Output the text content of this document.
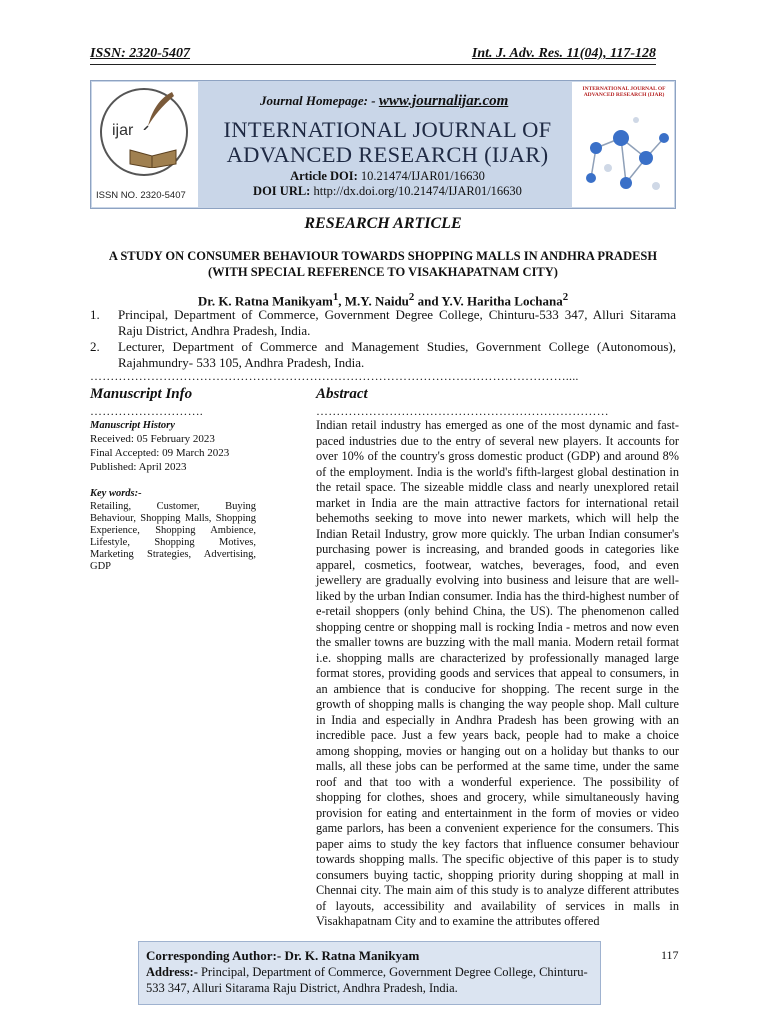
ISSN: 2320-5407	Int. J. Adv. Res. 11(04), 117-128
ijar
ISSN NO. 2320-5407
Journal Homepage: - www.journalijar.com
INTERNATIONAL JOURNAL OF
ADVANCED RESEARCH (IJAR)
Article DOI: 10.21474/IJAR01/16630
DOI URL: http://dx.doi.org/10.21474/IJAR01/16630
INTERNATIONAL JOURNAL OF ADVANCED RESEARCH (IJAR)
RESEARCH ARTICLE
A STUDY ON CONSUMER BEHAVIOUR TOWARDS SHOPPING MALLS IN ANDHRA PRADESH
(WITH SPECIAL REFERENCE TO VISAKHAPATNAM CITY)
Dr. K. Ratna Manikyam$^1$, M.Y. Naidu$^2$ and Y.V. Haritha Lochana$^2$
1. Principal, Department of Commerce, Government Degree College, Chinturu-533 347, Alluri Sitarama Raju District, Andhra Pradesh, India.
2. Lecturer, Department of Commerce and Management Studies, Government College (Autonomous), Rajahmundry- 533 105, Andhra Pradesh, India.
………………………………………………………………………………………………………....
Manuscript Info
……………………….
Manuscript History
Received: 05 February 2023
Final Accepted: 09 March 2023
Published: April 2023
Key words:-
Retailing, Customer, Buying Behaviour, Shopping Malls, Shopping Experience, Shopping Ambience, Lifestyle, Shopping Motives, Marketing Strategies, Advertising, GDP
Abstract
………………………………………………………………
Indian retail industry has emerged as one of the most dynamic and fast-paced industries due to the entry of several new players. It accounts for over 10% of the country's gross domestic product (GDP) and around 8% of the employment. India is the world's fifth-largest global destination in the retail space. The sizeable middle class and nearly unexplored retail market in India are the main attractive factors for international retail behemoths seeking to move into newer markets, which will help the Indian Retail Industry, grow more quickly. The urban Indian consumer's purchasing power is increasing, and branded goods in categories like apparel, cosmetics, footwear, watches, beverages, food, and even jewellery are gradually evolving into business and leisure that are well-liked by the urban Indian consumer. India has the third-highest number of e-retail shoppers (only behind China, the US). The phenomenon called shopping centre or shopping mall is rocking India - metros and now even the smaller towns are buzzing with the mall mania. Modern retail format i.e. shopping malls are characterized by professionally managed large format stores, providing goods and services that appeal to consumers, in an ambience that is conducive for shopping. The recent surge in the growth of shopping malls is changing the way people shop. Mall culture in India and especially in Andhra Pradesh has been growing with an incredible pace. Just a few years back, people had to make a choice among shopping, movies or hanging out on a holiday but thanks to our malls, all these jobs can be performed at the same time, under the same roof and that too with a wonderful experience. The possibility of shopping for clothes, shoes and grocery, while simultaneously having provision for eating and entertainment in the form of movies or video game parlors, has been a convenient experience for the consumers. This paper aims to study the key factors that influence consumer behaviour towards shopping malls. The specific objective of this paper is to study consumers buying tactic, shopping priority during shopping at mall in Chennai city. The main aim of this study is to analyze different attributes of layouts, accessibility and availability of services in malls in Visakhapatnam City and to examine the attributes offered
Corresponding Author:- Dr. K. Ratna Manikyam
Address:- Principal, Department of Commerce, Government Degree College, Chinturu-533 347, Alluri Sitarama Raju District, Andhra Pradesh, India.
117
